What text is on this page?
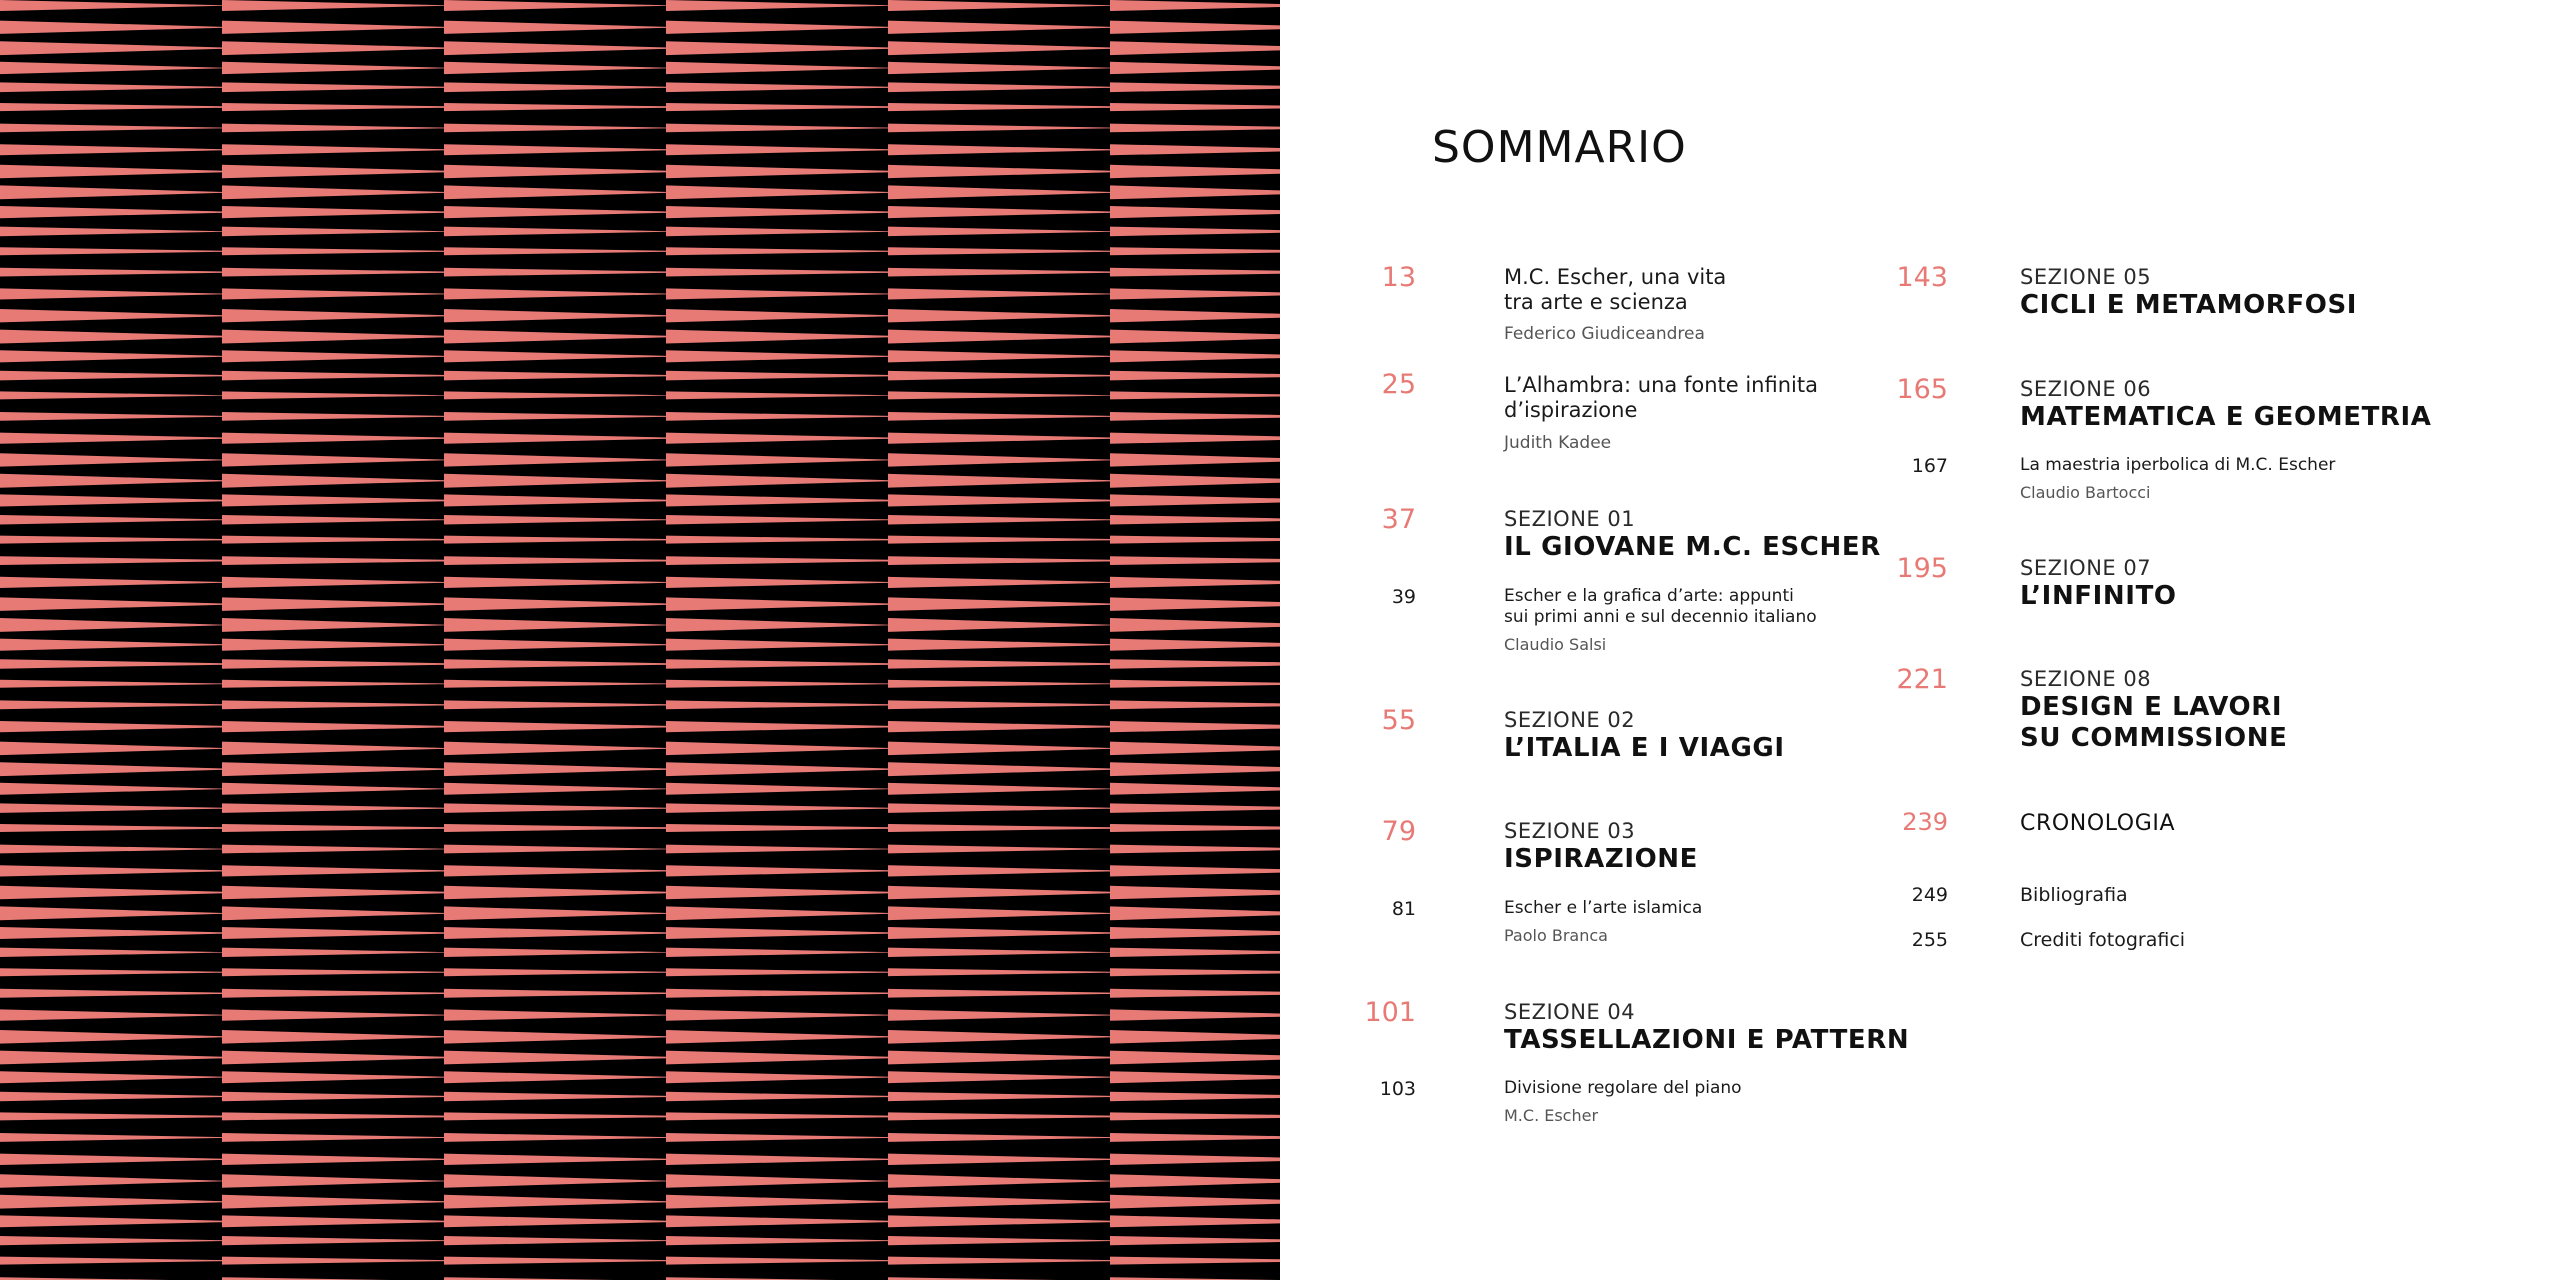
SOMMARIO
13	M.C. Escher, una vita
tra arte e scienza
Federico Giudiceandrea
25	L’Alhambra: una fonte infinita
d’ispirazione
Judith Kadee
37	SEZIONE 01
IL GIOVANE M.C. ESCHER
39	Escher e la grafica d’arte: appunti
sui primi anni e sul decennio italiano
Claudio Salsi
55	SEZIONE 02
L’ITALIA E I VIAGGI
79	SEZIONE 03
ISPIRAZIONE
81	Escher e l’arte islamica
Paolo Branca
101	SEZIONE 04
TASSELLAZIONI E PATTERN
103	Divisione regolare del piano
M.C. Escher
143	SEZIONE 05
CICLI E METAMORFOSI
165	SEZIONE 06
MATEMATICA E GEOMETRIA
167	La maestria iperbolica di M.C. Escher
Claudio Bartocci
195	SEZIONE 07
L’INFINITO
221	SEZIONE 08
DESIGN E LAVORI
SU COMMISSIONE
239	CRONOLOGIA
249	Bibliografia
255	Crediti fotografici
